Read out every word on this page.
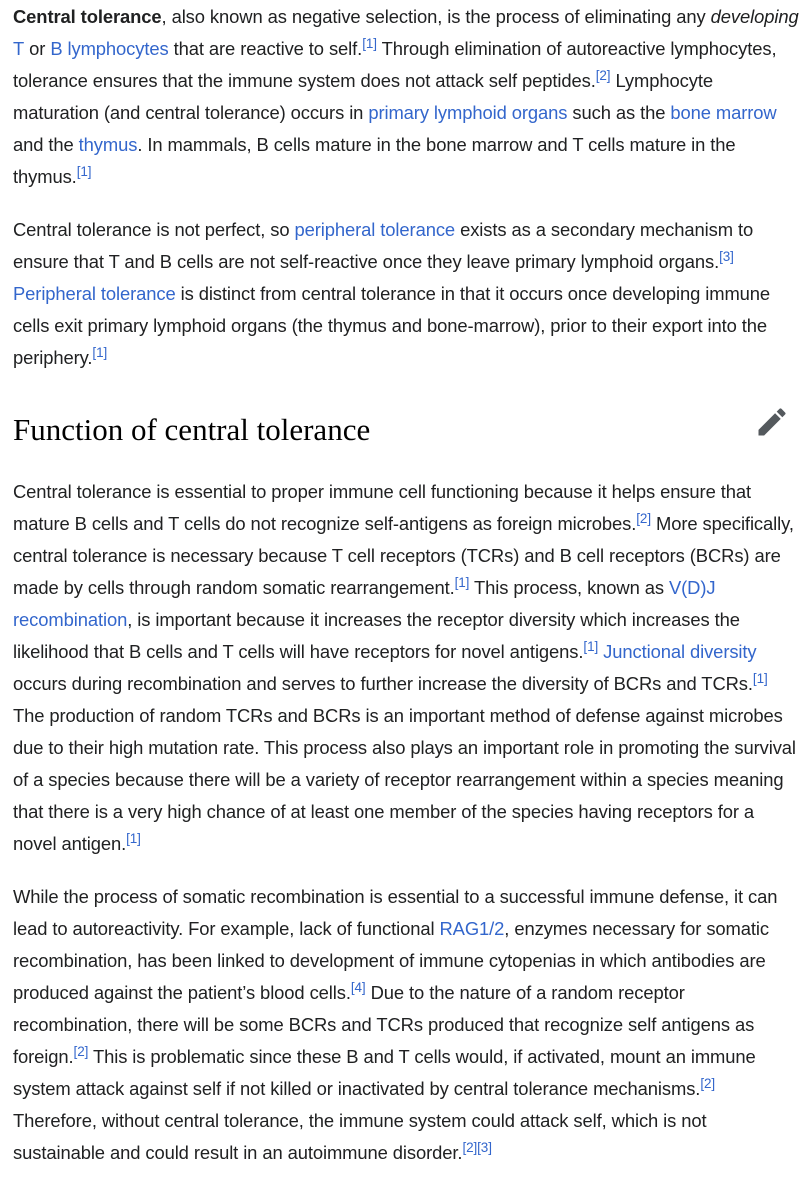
Central tolerance, also known as negative selection, is the process of eliminating any developing T or B lymphocytes that are reactive to self.[1] Through elimination of autoreactive lymphocytes, tolerance ensures that the immune system does not attack self peptides.[2] Lymphocyte maturation (and central tolerance) occurs in primary lymphoid organs such as the bone marrow and the thymus. In mammals, B cells mature in the bone marrow and T cells mature in the thymus.[1]

Central tolerance is not perfect, so peripheral tolerance exists as a secondary mechanism to ensure that T and B cells are not self-reactive once they leave primary lymphoid organs.[3] Peripheral tolerance is distinct from central tolerance in that it occurs once developing immune cells exit primary lymphoid organs (the thymus and bone-marrow), prior to their export into the periphery.[1]

Function of central tolerance

Central tolerance is essential to proper immune cell functioning because it helps ensure that mature B cells and T cells do not recognize self-antigens as foreign microbes.[2] More specifically, central tolerance is necessary because T cell receptors (TCRs) and B cell receptors (BCRs) are made by cells through random somatic rearrangement.[1] This process, known as V(D)J recombination, is important because it increases the receptor diversity which increases the likelihood that B cells and T cells will have receptors for novel antigens.[1] Junctional diversity occurs during recombination and serves to further increase the diversity of BCRs and TCRs.[1] The production of random TCRs and BCRs is an important method of defense against microbes due to their high mutation rate. This process also plays an important role in promoting the survival of a species because there will be a variety of receptor rearrangement within a species meaning that there is a very high chance of at least one member of the species having receptors for a novel antigen.[1]

While the process of somatic recombination is essential to a successful immune defense, it can lead to autoreactivity. For example, lack of functional RAG1/2, enzymes necessary for somatic recombination, has been linked to development of immune cytopenias in which antibodies are produced against the patient’s blood cells.[4] Due to the nature of a random receptor recombination, there will be some BCRs and TCRs produced that recognize self antigens as foreign.[2] This is problematic since these B and T cells would, if activated, mount an immune system attack against self if not killed or inactivated by central tolerance mechanisms.[2] Therefore, without central tolerance, the immune system could attack self, which is not sustainable and could result in an autoimmune disorder.[2][3]
